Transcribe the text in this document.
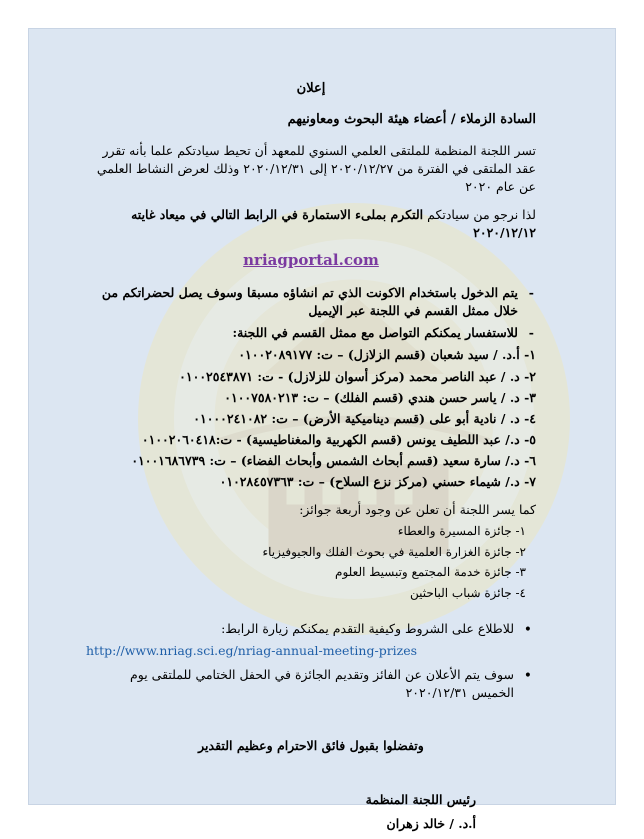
إعلان
السادة الزملاء / أعضاء هيئة البحوث ومعاونيهم

تسر اللجنة المنظمة للملتقى العلمي السنوي للمعهد أن تحيط سيادتكم علما بأنه تقرر عقد الملتقى في الفترة من ٢٠٢٠/١٢/٢٧ إلى ٢٠٢٠/١٢/٣١ وذلك لعرض النشاط العلمي عن عام ٢٠٢٠

لذا نرجو من سيادتكم التكرم بملىء الاستمارة في الرابط التالي في ميعاد غايته ٢٠٢٠/١٢/١٢

nriagportal.com
- يتم الدخول باستخدام الاكونت الذي تم انشاؤه مسبقا وسوف يصل لحضراتكم من خلال ممثل القسم في اللجنة عبر الإيميل
- للاستفسار يمكنكم التواصل مع ممثل القسم في اللجنة:
١- أ.د. / سيد شعبان (قسم الزلازل) – ت: ٠١٠٠٢٠٨٩١٧٧
٢- د. / عبد الناصر محمد (مركز أسوان للزلازل) - ت: ٠١٠٠٢٥٤٣٨٧١
٣- د. / ياسر حسن هندي (قسم الفلك) – ت: ٠١٠٠٧٥٨٠٢١٣
٤- د. / نادية أبو على (قسم ديناميكية الأرض) – ت: ٠١٠٠٠٢٤١٠٨٢
٥- د./ عبد اللطيف يونس (قسم الكهربية والمغناطيسية) - ت:٠١٠٠٢٠٦٠٤١٨
٦- د./ سارة سعيد (قسم أبحاث الشمس وأبحاث الفضاء) – ت: ٠١٠٠١٦٨٦٧٣٩
٧- د./ شيماء حسني (مركز نزع السلاح) – ت: ٠١٠٢٨٤٥٧٣٦٣
كما يسر اللجنة أن تعلن عن وجود أربعة جوائز:
١- جائزة المسيرة والعطاء
٢- جائزة الغزارة العلمية في بحوث الفلك والجيوفيزياء
٣- جائزة خدمة المجتمع وتبسيط العلوم
٤- جائزة شباب الباحثين
• للاطلاع على الشروط وكيفية التقدم يمكنكم زيارة الرابط:
http://www.nriag.sci.eg/nriag-annual-meeting-prizes
• سوف يتم الأعلان عن الفائز وتقديم الجائزة في الحفل الختامي للملتقى يوم الخميس ٢٠٢٠/١٢/٣١
وتفضلوا بقبول فائق الاحترام وعظيم التقدير
رئيس اللجنة المنظمة
أ.د. / خالد زهران
